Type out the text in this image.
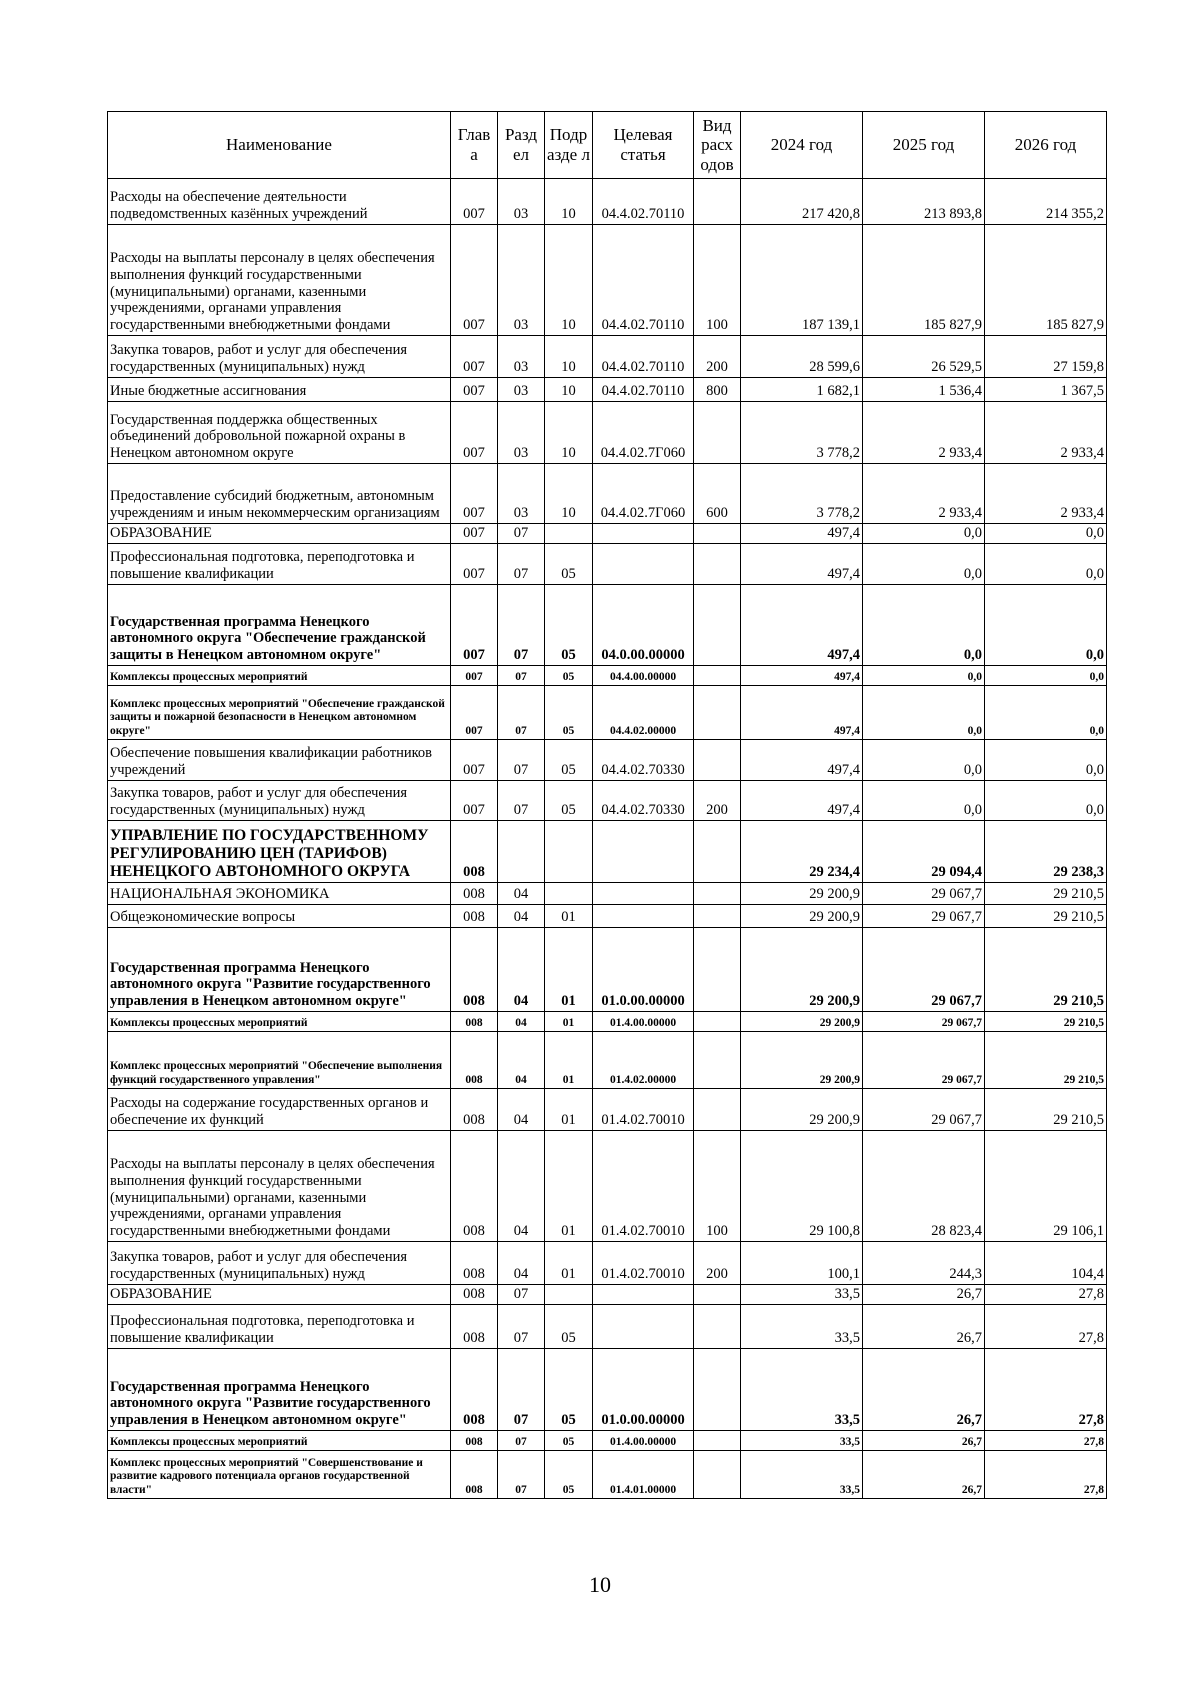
Наименование	Глав а	Разд ел	Подр азде л	Целевая статья	Вид расх одов	2024 год	2025 год	2026 год
Расходы на обеспечение деятельности подведомственных казённых учреждений	007	03	10	04.4.02.70110		217 420,8	213 893,8	214 355,2
Расходы на выплаты персоналу в целях обеспечения выполнения функций государственными (муниципальными) органами, казенными учреждениями, органами управления государственными внебюджетными фондами	007	03	10	04.4.02.70110	100	187 139,1	185 827,9	185 827,9
Закупка товаров, работ и услуг для обеспечения государственных (муниципальных) нужд	007	03	10	04.4.02.70110	200	28 599,6	26 529,5	27 159,8
Иные бюджетные ассигнования	007	03	10	04.4.02.70110	800	1 682,1	1 536,4	1 367,5
Государственная поддержка общественных объединений добровольной пожарной охраны в Ненецком автономном округе	007	03	10	04.4.02.7Г060		3 778,2	2 933,4	2 933,4
Предоставление субсидий бюджетным, автономным учреждениям и иным некоммерческим организациям	007	03	10	04.4.02.7Г060	600	3 778,2	2 933,4	2 933,4
ОБРАЗОВАНИЕ	007	07				497,4	0,0	0,0
Профессиональная подготовка, переподготовка и повышение квалификации	007	07	05			497,4	0,0	0,0
Государственная программа Ненецкого автономного округа "Обеспечение гражданской защиты в Ненецком автономном округе"	007	07	05	04.0.00.00000		497,4	0,0	0,0
Комплексы процессных мероприятий	007	07	05	04.4.00.00000		497,4	0,0	0,0
Комплекс процессных мероприятий "Обеспечение гражданской защиты и пожарной безопасности в Ненецком автономном округе"	007	07	05	04.4.02.00000		497,4	0,0	0,0
Обеспечение повышения квалификации работников учреждений	007	07	05	04.4.02.70330		497,4	0,0	0,0
Закупка товаров, работ и услуг для обеспечения государственных (муниципальных) нужд	007	07	05	04.4.02.70330	200	497,4	0,0	0,0
УПРАВЛЕНИЕ ПО ГОСУДАРСТВЕННОМУ РЕГУЛИРОВАНИЮ ЦЕН (ТАРИФОВ) НЕНЕЦКОГО АВТОНОМНОГО ОКРУГА	008					29 234,4	29 094,4	29 238,3
НАЦИОНАЛЬНАЯ ЭКОНОМИКА	008	04				29 200,9	29 067,7	29 210,5
Общеэкономические вопросы	008	04	01			29 200,9	29 067,7	29 210,5
Государственная программа Ненецкого автономного округа "Развитие государственного управления в Ненецком автономном округе"	008	04	01	01.0.00.00000		29 200,9	29 067,7	29 210,5
Комплексы процессных мероприятий	008	04	01	01.4.00.00000		29 200,9	29 067,7	29 210,5
Комплекс процессных мероприятий "Обеспечение выполнения функций государственного управления"	008	04	01	01.4.02.00000		29 200,9	29 067,7	29 210,5
Расходы на содержание государственных органов и обеспечение их функций	008	04	01	01.4.02.70010		29 200,9	29 067,7	29 210,5
Расходы на выплаты персоналу в целях обеспечения выполнения функций государственными (муниципальными) органами, казенными учреждениями, органами управления государственными внебюджетными фондами	008	04	01	01.4.02.70010	100	29 100,8	28 823,4	29 106,1
Закупка товаров, работ и услуг для обеспечения государственных (муниципальных) нужд	008	04	01	01.4.02.70010	200	100,1	244,3	104,4
ОБРАЗОВАНИЕ	008	07				33,5	26,7	27,8
Профессиональная подготовка, переподготовка и повышение квалификации	008	07	05			33,5	26,7	27,8
Государственная программа Ненецкого автономного округа "Развитие государственного управления в Ненецком автономном округе"	008	07	05	01.0.00.00000		33,5	26,7	27,8
Комплексы процессных мероприятий	008	07	05	01.4.00.00000		33,5	26,7	27,8
Комплекс процессных мероприятий "Совершенствование и развитие кадрового потенциала органов государственной власти"	008	07	05	01.4.01.00000		33,5	26,7	27,8
10
